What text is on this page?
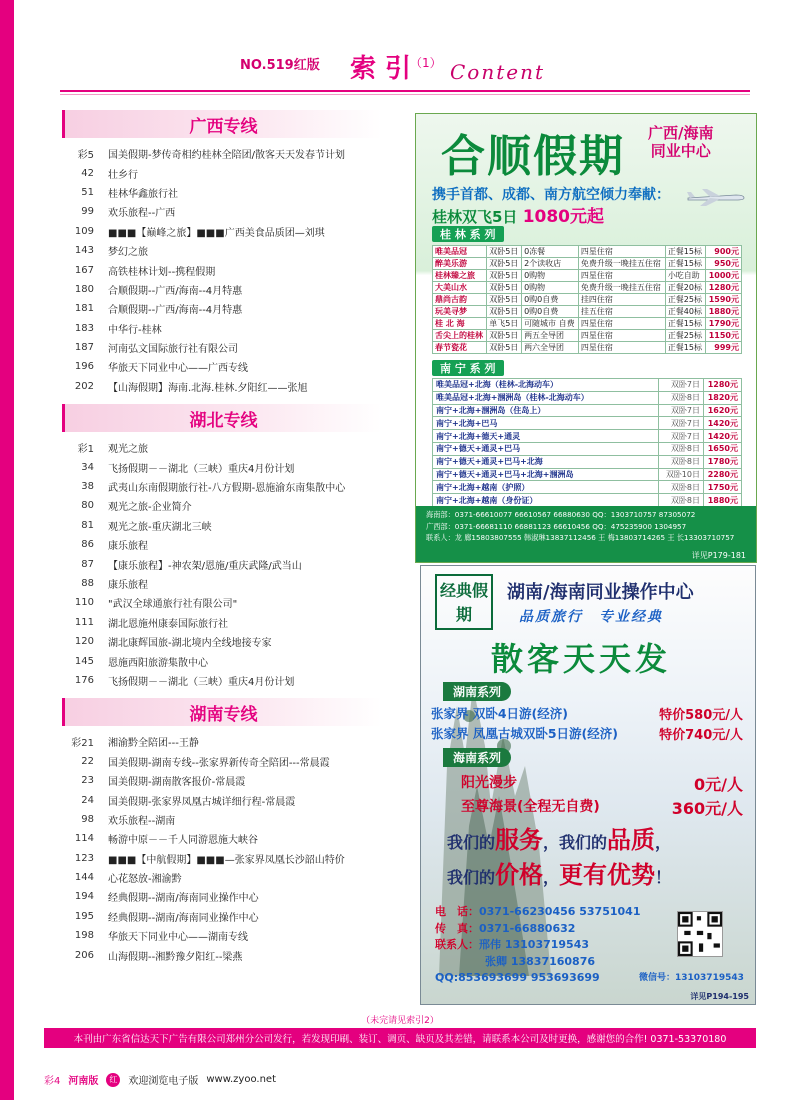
NO.519红版 索 引
（1） Content
广西专线
彩5	国美假期-梦传奇相约桂林全陪团/散客天天发春节计划
42	壮乡行
51	桂林华鑫旅行社
99	欢乐旅程--广西
109	■■■【巅峰之旅】■■■广西美食品质团—刘琪
143	梦幻之旅
167	高铁桂林计划--携程假期
180	合顺假期--广西/海南--4月特惠
181	合顺假期--广西/海南--4月特惠
183	中华行-桂林
187	河南弘文国际旅行社有限公司
196	华旅天下同业中心——广西专线
202	【山海假期】海南.北海.桂林.夕阳红——张旭
湖北专线
彩1	观光之旅
34	飞扬假期－－湖北（三峡）重庆4月份计划
38	武夷山东南假期旅行社-八方假期-恩施渝东南集散中心
80	观光之旅-企业简介
81	观光之旅-重庆湖北三峡
86	康乐旅程
87	【康乐旅程】-神农架/恩施/重庆武隆/武当山
88	康乐旅程
110	"武汉全球通旅行社有限公司"
111	湖北恩施州康泰国际旅行社
120	湖北康辉国旅-湖北境内全线地接专家
145	恩施西阳旅游集散中心
176	飞扬假期－－湖北（三峡）重庆4月份计划
湖南专线
彩21	湘渝黔全陪团---王静
22	国美假期-湖南专线--张家界新传奇全陪团---常晨霞
23	国美假期-湖南散客报价-常晨霞
24	国美假期-张家界凤凰古城详细行程-常晨霞
98	欢乐旅程--湖南
114	畅游中原－－千人同游恩施大峡谷
123	■■■【中航假期】■■■—张家界凤凰长沙韶山特价
144	心花怒放-湘渝黔
194	经典假期--湖南/海南同业操作中心
195	经典假期--湖南/海南同业操作中心
198	华旅天下同业中心——湖南专线
206	山海假期--湘黔豫夕阳红--梁燕
合顺假期 广西/海南
同业中心
携手首都、成都、南方航空倾力奉献：
桂林双飞5日 1080元起
桂 林 系 列
唯美品冠	双卧5日	0冻餐	四星住宿	正餐15标	900元
醉美乐游	双卧5日	2个读收店	免费升级一晚挂五住宿	正餐15标	950元
桂林臻之旅	双卧5日	0购物	四星住宿	小吃自助	1000元
大美山水	双卧5日	0购物	免费升级一晚挂五住宿	正餐20标	1280元
鼎尚古韵	双卧5日	0购0自费	挂四住宿	正餐25标	1590元
玩美寻梦	双卧5日	0购0自费	挂五住宿	正餐40标	1880元
桂 北 海	单飞5日	可随城市 自费	四星住宿	正餐15标	1790元
舌尖上的桂林	双卧5日	两五全导团	四星住宿	正餐25标	1150元
春节瓷花	双卧5日	两六全导团	四星住宿	正餐15标	999元
南 宁 系 列
唯美品冠+北海（桂林-北海动车）	双卧7日	1280元
唯美品冠+北海+涠洲岛（桂林-北海动车）	双卧8日	1820元
南宁+北海+涠洲岛（住岛上）	双卧7日	1620元
南宁+北海+巴马	双卧7日	1420元
南宁+北海+德天+通灵	双卧7日	1420元
南宁+德天+通灵+巴马	双卧8日	1650元
南宁+德天+通灵+巴马+北海	双卧8日	1780元
南宁+德天+通灵+巴马+北海+涠洲岛	双卧10日	2280元
南宁+北海+越南（护照）	双卧8日	1750元
南宁+北海+越南（身份证）	双卧8日	1880元
海南部：0371-66610077 66610567 66880630 QQ：1303710757 87305072
广西部：0371-66681110 66881123 66610456 QQ：475235900 1304957
联系人：龙 廊15803807555 韩淑琳13837112456 王 梅13803714265 王 长13303710757
详见P179-181
经典假期
湖南/海南同业操作中心
品质旅行　专业经典
散客天天发
湖南系列
张家界 双卧4日游(经济)	特价580元/人
张家界 凤凰古城双卧5日游(经济)	特价740元/人
海南系列
阳光漫步	0元/人
至尊海景(全程无自费)	360元/人
我们的服务，我们的品质，
我们的价格，更有优势！
电　话：0371-66230456 53751041
传　真：0371-66880632
联系人：邢伟 13103719543
张卿 13837160876
QQ:853693699 953693699	微信号：13103719543
详见P194-195
（未完请见索引2）
本刊由广东省信达天下广告有限公司郑州分公司发行，若发现印刷、装订、调页、缺页及其差错，请联系本公司及时更换，感谢您的合作! 0371-53370180
彩4 河南版	红	欢迎浏览电子版 www.zyoo.net
